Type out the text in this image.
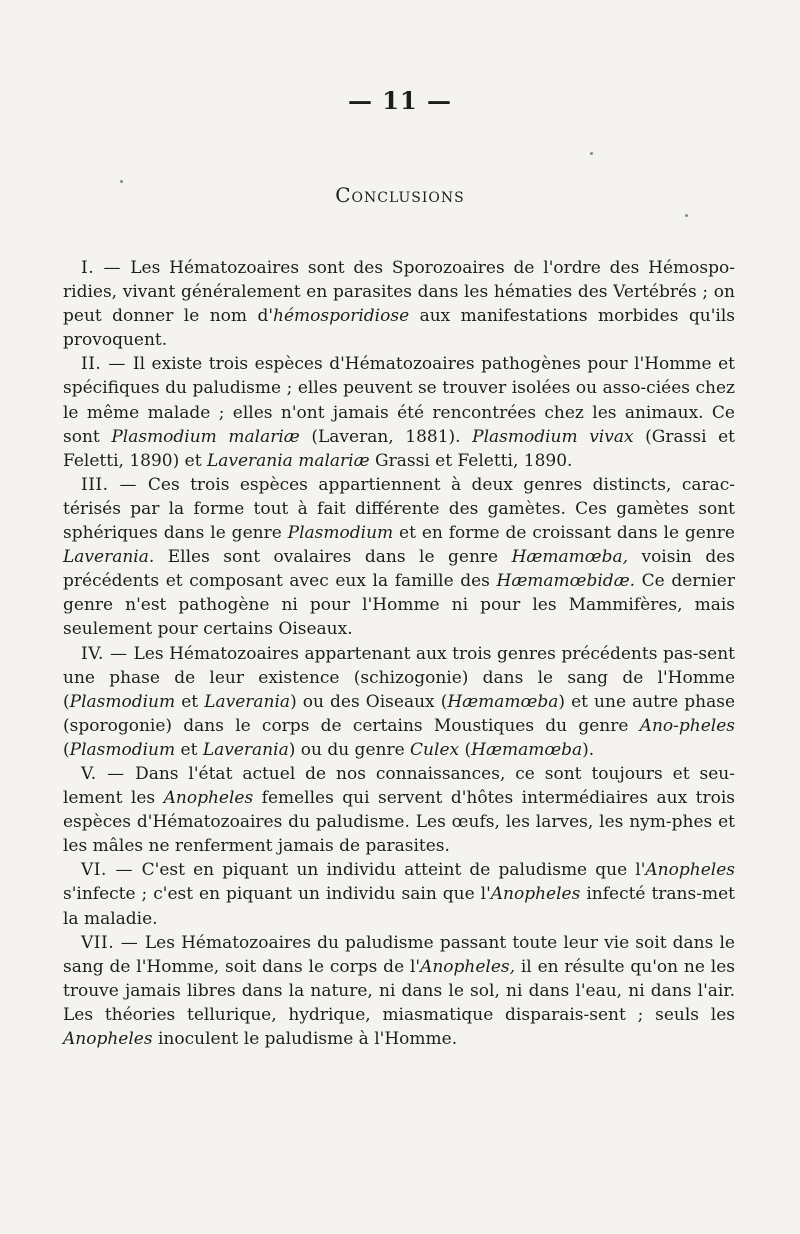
— 11 —
Conclusions

I. — Les Hématozoaires sont des Sporozoaires de l'ordre des Hémospo-ridies, vivant généralement en parasites dans les hématies des Vertébrés ; on peut donner le nom d'hémosporidiose aux manifestations morbides qu'ils provoquent.

II. — Il existe trois espèces d'Hématozoaires pathogènes pour l'Homme et spécifiques du paludisme ; elles peuvent se trouver isolées ou asso-ciées chez le même malade ; elles n'ont jamais été rencontrées chez les animaux. Ce sont Plasmodium malariæ (Laveran, 1881). Plasmodium vivax (Grassi et Feletti, 1890) et Laverania malariæ Grassi et Feletti, 1890.

III. — Ces trois espèces appartiennent à deux genres distincts, carac-térisés par la forme tout à fait différente des gamètes. Ces gamètes sont sphériques dans le genre Plasmodium et en forme de croissant dans le genre Laverania. Elles sont ovalaires dans le genre Hæmamœba, voisin des précédents et composant avec eux la famille des Hæmamœbidæ. Ce dernier genre n'est pathogène ni pour l'Homme ni pour les Mammifères, mais seulement pour certains Oiseaux.

IV. — Les Hématozoaires appartenant aux trois genres précédents pas-sent une phase de leur existence (schizogonie) dans le sang de l'Homme (Plasmodium et Laverania) ou des Oiseaux (Hæmamœba) et une autre phase (sporogonie) dans le corps de certains Moustiques du genre Ano-pheles (Plasmodium et Laverania) ou du genre Culex (Hæmamœba).

V. — Dans l'état actuel de nos connaissances, ce sont toujours et seu-lement les Anopheles femelles qui servent d'hôtes intermédiaires aux trois espèces d'Hématozoaires du paludisme. Les œufs, les larves, les nym-phes et les mâles ne renferment jamais de parasites.

VI. — C'est en piquant un individu atteint de paludisme que l'Anopheles s'infecte ; c'est en piquant un individu sain que l'Anopheles infecté trans-met la maladie.

VII. — Les Hématozoaires du paludisme passant toute leur vie soit dans le sang de l'Homme, soit dans le corps de l'Anopheles, il en résulte qu'on ne les trouve jamais libres dans la nature, ni dans le sol, ni dans l'eau, ni dans l'air. Les théories tellurique, hydrique, miasmatique disparais-sent ; seuls les Anopheles inoculent le paludisme à l'Homme.
